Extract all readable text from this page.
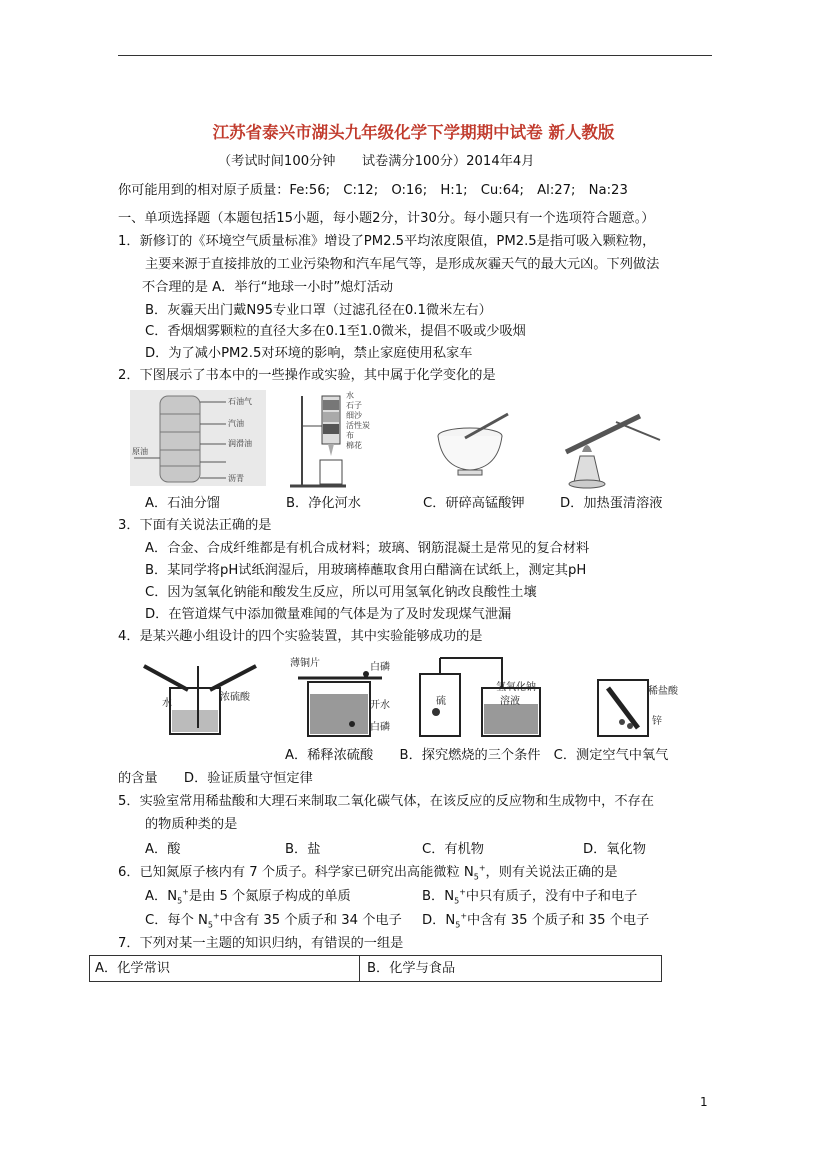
江苏省泰兴市湖头九年级化学下学期期中试卷 新人教版
（考试时间100分钟　　试卷满分100分）2014年4月
你可能用到的相对原子质量：Fe:56;　C:12;　O:16;　H:1;　Cu:64;　Al:27;　Na:23
一、单项选择题（本题包括15小题，每小题2分，计30分。每小题只有一个选项符合题意。）
1．新修订的《环境空气质量标准》增设了PM2.5平均浓度限值，PM2.5是指可吸入颗粒物，
主要来源于直接排放的工业污染物和汽车尾气等，是形成灰霾天气的最大元凶。下列做法
不合理的是 A．举行“地球一小时”熄灯活动
B．灰霾天出门戴N95专业口罩（过滤孔径在0.1微米左右）
C．香烟烟雾颗粒的直径大多在0.1至1.0微米，提倡不吸或少吸烟
D．为了减小PM2.5对环境的影响，禁止家庭使用私家车
2．下图展示了书本中的一些操作或实验，其中属于化学变化的是
石油气
汽油
润滑油
沥青
原油
水
石子
细沙
活性炭
布
棉花
A．石油分馏	B．净化河水	C．研碎高锰酸钾	D．加热蛋清溶液
3．下面有关说法正确的是
A．合金、合成纤维都是有机合成材料；玻璃、钢筋混凝土是常见的复合材料
B．某同学将pH试纸润湿后，用玻璃棒蘸取食用白醋滴在试纸上，测定其pH
C．因为氢氧化钠能和酸发生反应，所以可用氢氧化钠改良酸性土壤
D．在管道煤气中添加微量难闻的气体是为了及时发现煤气泄漏
4．是某兴趣小组设计的四个实验装置，其中实验能够成功的是
水
浓硫酸
薄铜片	白磷
开水
白磷
硫
氢氧化钠
溶液
稀盐酸
锌
A．稀释浓硫酸　　B．探究燃烧的三个条件　C．测定空气中氧气
的含量　　D．验证质量守恒定律
5．实验室常用稀盐酸和大理石来制取二氧化碳气体，在该反应的反应物和生成物中，不存在
的物质种类的是
A．酸	B．盐	C．有机物	D．氧化物
6．已知氮原子核内有 7 个质子。科学家已研究出高能微粒 $N_5^+$，则有关说法正确的是
A．$N_5^+$是由 5 个氮原子构成的单质	B．$N_5^+$中只有质子，没有中子和电子
C．每个 $N_5^+$中含有 35 个质子和 34 个电子 D．$N_5^+$中含有 35 个质子和 35 个电子
7．下列对某一主题的知识归纳，有错误的一组是
A．化学常识	B．化学与食品
1
